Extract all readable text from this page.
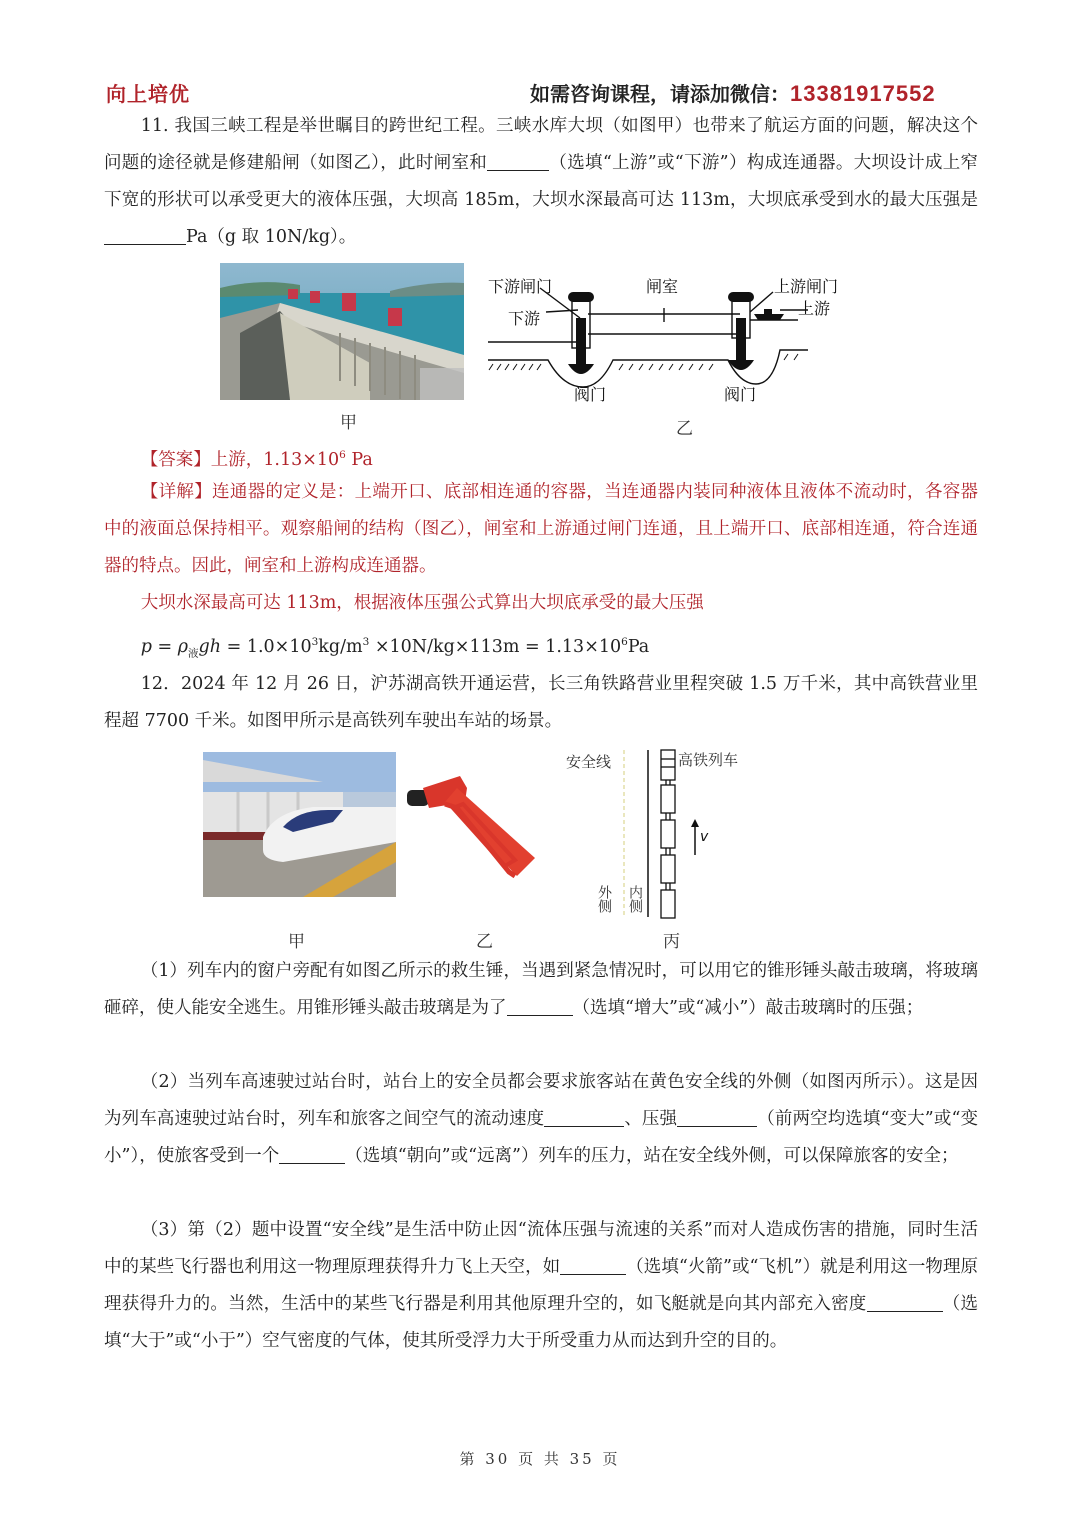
向上培优	如需咨询课程，请添加微信：13381917552
11. 我国三峡工程是举世瞩目的跨世纪工程。三峡水库大坝（如图甲）也带来了航运方面的问题，解决这个问题的途径就是修建船闸（如图乙），此时闸室和	（选填“上游”或“下游”）构成连通器。大坝设计成上窄下宽的形状可以承受更大的液体压强，大坝高 185m，大坝水深最高可达 113m，大坝底承受到水的最大压强是Pa（g 取 10N/kg）。
甲
下游闸门
下游
闸室	上游闸门
上游
阀门	阀门
乙
【答案】上游，$1.13\times 10^6$ Pa
【详解】连通器的定义是：上端开口、底部相连通的容器，当连通器内装同种液体且液体不流动时，各容器中的液面总保持相平。观察船闸的结构（图乙），闸室和上游通过闸门连通，且上端开口、底部相连通，符合连通器的特点。因此，闸室和上游构成连通器。
大坝水深最高可达 113m，根据液体压强公式算出大坝底承受的最大压强
$p = \rho_液gh = 1.0\times 10^3kg/m^3 \times 10N/kg\times 113m = 1.13\times 10^6Pa$
12．2024 年 12 月 26 日，沪苏湖高铁开通运营，长三角铁路营业里程突破 1.5 万千米，其中高铁营业里程超 7700 千米。如图甲所示是高铁列车驶出车站的场景。
甲	乙
v
安全线	高铁列车
外侧 内侧
丙
（1）列车内的窗户旁配有如图乙所示的救生锤，当遇到紧急情况时，可以用它的锥形锤头敲击玻璃，将玻璃砸碎，使人能安全逃生。用锥形锤头敲击玻璃是为了	（选填“增大”或“减小”）敲击玻璃时的压强；
（2）当列车高速驶过站台时，站台上的安全员都会要求旅客站在黄色安全线的外侧（如图丙所示）。这是因为列车高速驶过站台时，列车和旅客之间空气的流动速度	、压强	（前两空均选填“变大”或“变小”），使旅客受到一个	（选填“朝向”或“远离”）列车的压力，站在安全线外侧，可以保障旅客的安全；
（3）第（2）题中设置“安全线”是生活中防止因“流体压强与流速的关系”而对人造成伤害的措施，同时生活中的某些飞行器也利用这一物理原理获得升力飞上天空，如	（选填“火箭”或“飞机”）就是利用这一物理原理获得升力的。当然，生活中的某些飞行器是利用其他原理升空的，如飞艇就是向其内部充入密度	（选填“大于”或“小于”）空气密度的气体，使其所受浮力大于所受重力从而达到升空的目的。
第 30 页 共 35 页
